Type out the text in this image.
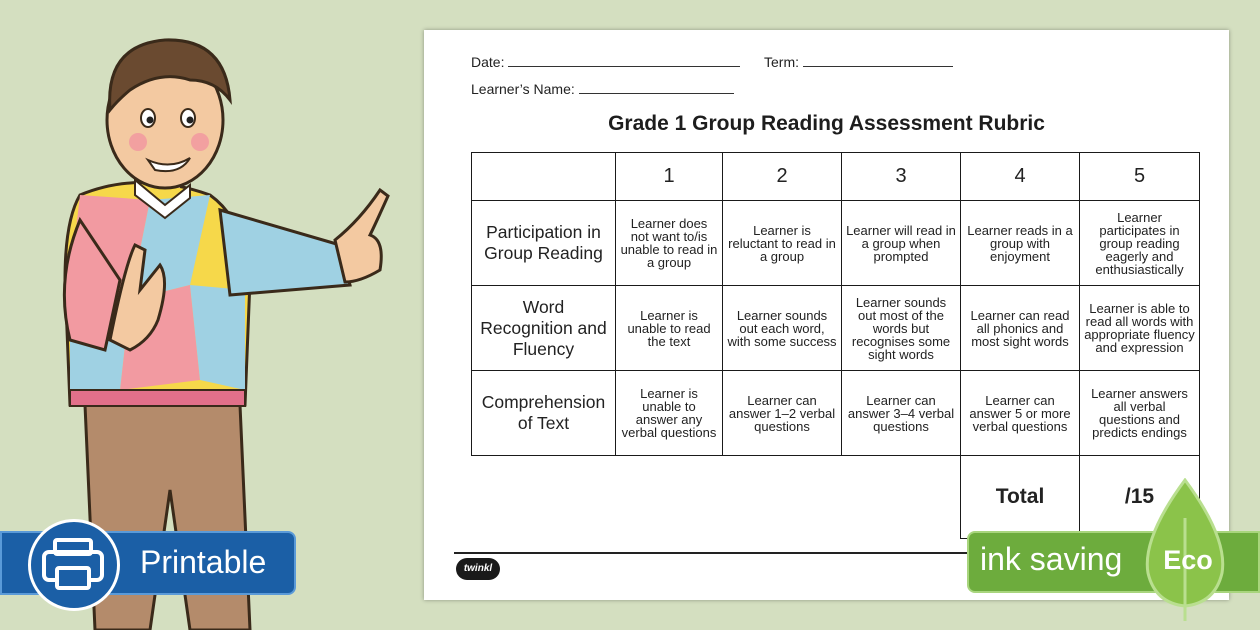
Date:	Term:
Learner’s Name:
Grade 1 Group Reading Assessment Rubric
	1	2	3	4	5
Participation in Group Reading	Learner does not want to/is unable to read in a group	Learner is reluctant to read in a group	Learner will read in a group when prompted	Learner reads in a group with enjoyment	Learner participates in group reading eagerly and enthusiastically
Word Recognition and Fluency	Learner is unable to read the text	Learner sounds out each word, with some success	Learner sounds out most of the words but recognises some sight words	Learner can read all phonics and most sight words	Learner is able to read all words with appropriate fluency and expression
Comprehension of Text	Learner is unable to answer any verbal questions	Learner can answer 1–2 verbal questions	Learner can answer 3–4 verbal questions	Learner can answer 5 or more verbal questions	Learner answers all verbal questions and predicts endings
				Total	/15
twinkl
Printable	ink saving Eco
